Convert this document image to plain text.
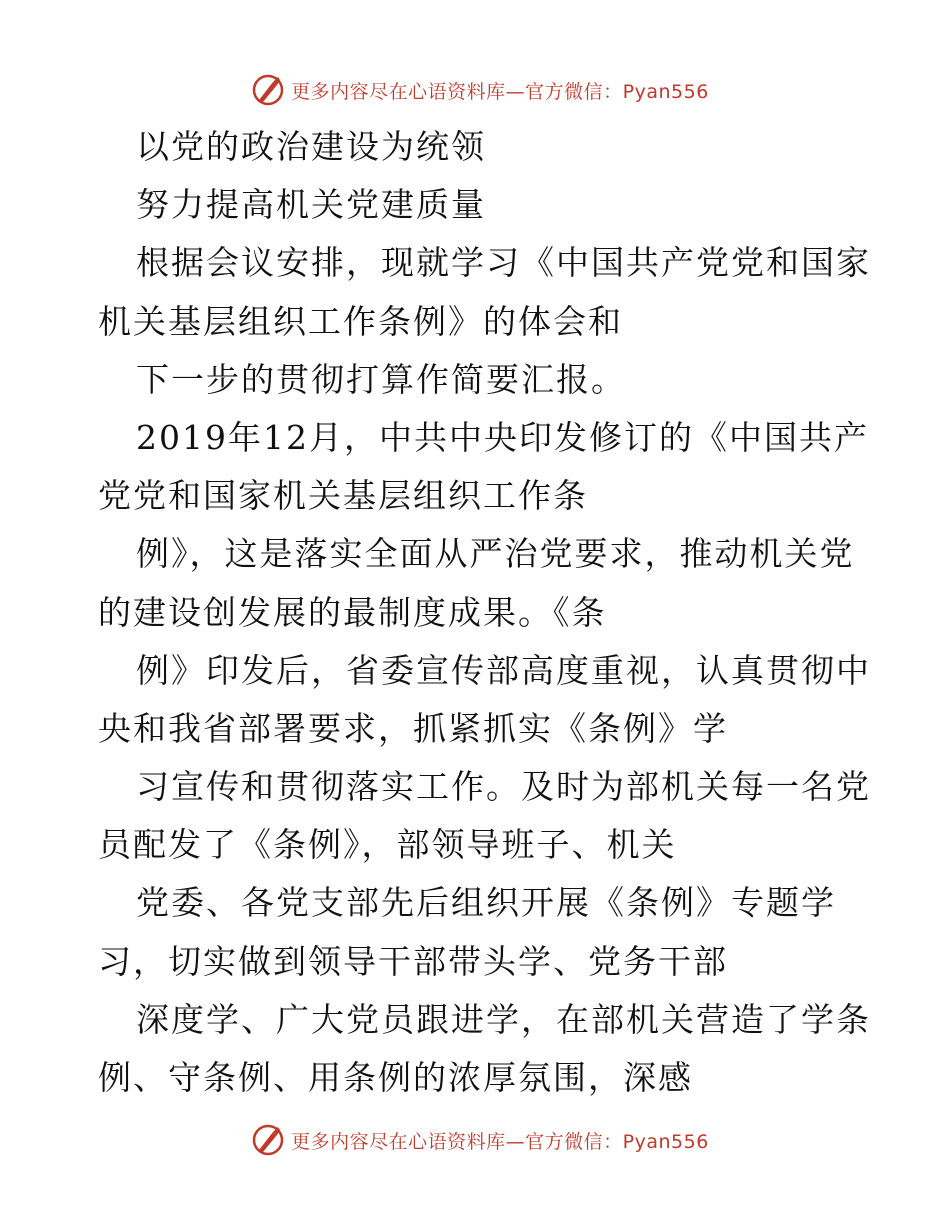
更多内容尽在心语资料库—官方微信：Pyan556
以党的政治建设为统领
努力提高机关党建质量
根据会议安排，现就学习《中国共产党党和国家
机关基层组织工作条例》的体会和
下一步的贯彻打算作简要汇报。
2019年12月，中共中央印发修订的《中国共产
党党和国家机关基层组织工作条
例》，这是落实全面从严治党要求，推动机关党
的建设创发展的最制度成果。《条
例》印发后，省委宣传部高度重视，认真贯彻中
央和我省部署要求，抓紧抓实《条例》学
习宣传和贯彻落实工作。及时为部机关每一名党
员配发了《条例》，部领导班子、机关
党委、各党支部先后组织开展《条例》专题学
习，切实做到领导干部带头学、党务干部
深度学、广大党员跟进学，在部机关营造了学条
例、守条例、用条例的浓厚氛围，深感
更多内容尽在心语资料库—官方微信：Pyan556
